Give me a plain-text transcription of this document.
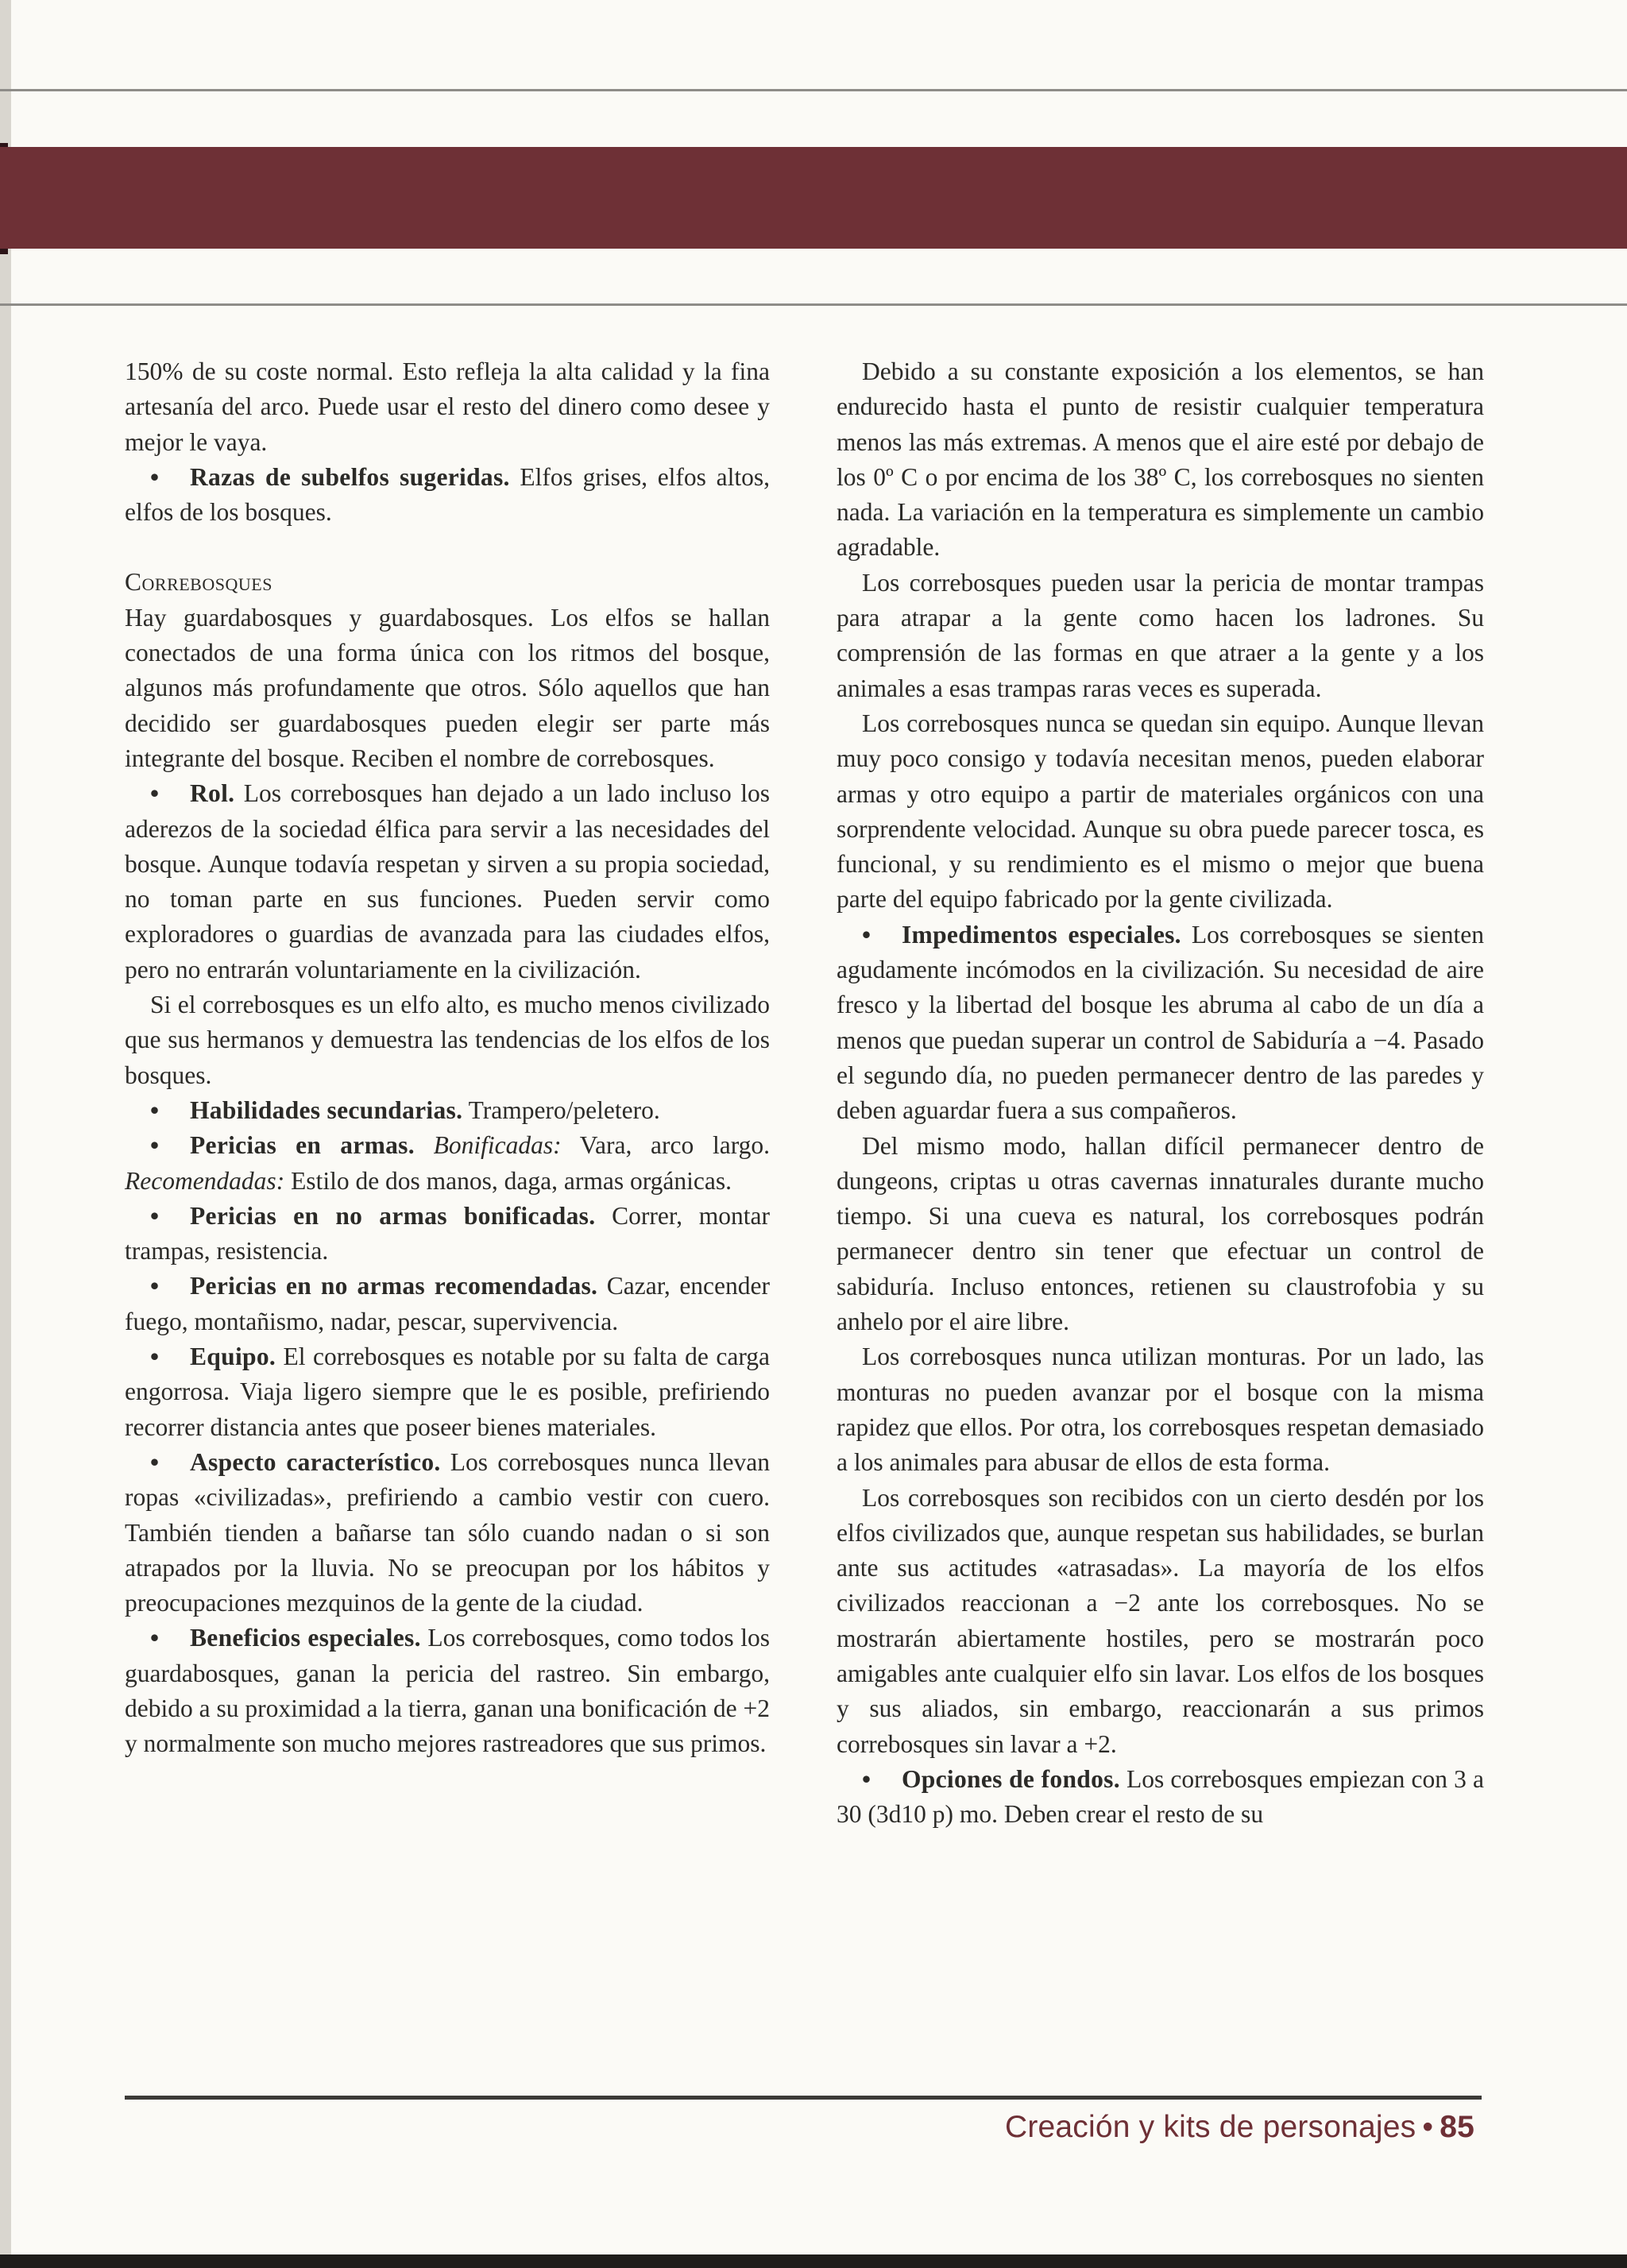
150% de su coste normal. Esto refleja la alta calidad y la fina artesanía del arco. Puede usar el resto del dinero como desee y mejor le vaya.

• Razas de subelfos sugeridas. Elfos grises, elfos altos, elfos de los bosques.

Correbosques

Hay guardabosques y guardabosques. Los elfos se hallan conectados de una forma única con los ritmos del bosque, algunos más profundamente que otros. Sólo aquellos que han decidido ser guardabosques pueden elegir ser parte más integrante del bosque. Reciben el nombre de correbosques.

• Rol. Los correbosques han dejado a un lado incluso los aderezos de la sociedad élfica para servir a las necesidades del bosque. Aunque todavía respetan y sirven a su propia sociedad, no toman parte en sus funciones. Pueden servir como exploradores o guardias de avanzada para las ciudades elfos, pero no entrarán voluntariamente en la civilización.

Si el correbosques es un elfo alto, es mucho menos civilizado que sus hermanos y demuestra las tendencias de los elfos de los bosques.

• Habilidades secundarias. Trampero/peletero.

• Pericias en armas. Bonificadas: Vara, arco largo. Recomendadas: Estilo de dos manos, daga, armas orgánicas.

• Pericias en no armas bonificadas. Correr, montar trampas, resistencia.

• Pericias en no armas recomendadas. Cazar, encender fuego, montañismo, nadar, pescar, supervivencia.

• Equipo. El correbosques es notable por su falta de carga engorrosa. Viaja ligero siempre que le es posible, prefiriendo recorrer distancia antes que poseer bienes materiales.

• Aspecto característico. Los correbosques nunca llevan ropas «civilizadas», prefiriendo a cambio vestir con cuero. También tienden a bañarse tan sólo cuando nadan o si son atrapados por la lluvia. No se preocupan por los hábitos y preocupaciones mezquinos de la gente de la ciudad.

• Beneficios especiales. Los correbosques, como todos los guardabosques, ganan la pericia del rastreo. Sin embargo, debido a su proximidad a la tierra, ganan una bonificación de +2 y normalmente son mucho mejores rastreadores que sus primos.

Debido a su constante exposición a los elementos, se han endurecido hasta el punto de resistir cualquier temperatura menos las más extremas. A menos que el aire esté por debajo de los 0º C o por encima de los 38º C, los correbosques no sienten nada. La variación en la temperatura es simplemente un cambio agradable.

Los correbosques pueden usar la pericia de montar trampas para atrapar a la gente como hacen los ladrones. Su comprensión de las formas en que atraer a la gente y a los animales a esas trampas raras veces es superada.

Los correbosques nunca se quedan sin equipo. Aunque llevan muy poco consigo y todavía necesitan menos, pueden elaborar armas y otro equipo a partir de materiales orgánicos con una sorprendente velocidad. Aunque su obra puede parecer tosca, es funcional, y su rendimiento es el mismo o mejor que buena parte del equipo fabricado por la gente civilizada.

• Impedimentos especiales. Los correbosques se sienten agudamente incómodos en la civilización. Su necesidad de aire fresco y la libertad del bosque les abruma al cabo de un día a menos que puedan superar un control de Sabiduría a −4. Pasado el segundo día, no pueden permanecer dentro de las paredes y deben aguardar fuera a sus compañeros.

Del mismo modo, hallan difícil permanecer dentro de dungeons, criptas u otras cavernas innaturales durante mucho tiempo. Si una cueva es natural, los correbosques podrán permanecer dentro sin tener que efectuar un control de sabiduría. Incluso entonces, retienen su claustrofobia y su anhelo por el aire libre.

Los correbosques nunca utilizan monturas. Por un lado, las monturas no pueden avanzar por el bosque con la misma rapidez que ellos. Por otra, los correbosques respetan demasiado a los animales para abusar de ellos de esta forma.

Los correbosques son recibidos con un cierto desdén por los elfos civilizados que, aunque respetan sus habilidades, se burlan ante sus actitudes «atrasadas». La mayoría de los elfos civilizados reaccionan a −2 ante los correbosques. No se mostrarán abiertamente hostiles, pero se mostrarán poco amigables ante cualquier elfo sin lavar. Los elfos de los bosques y sus aliados, sin embargo, reaccionarán a sus primos correbosques sin lavar a +2.

• Opciones de fondos. Los correbosques empiezan con 3 a 30 (3d10 p) mo. Deben crear el resto de su

Creación y kits de personajes • 85
